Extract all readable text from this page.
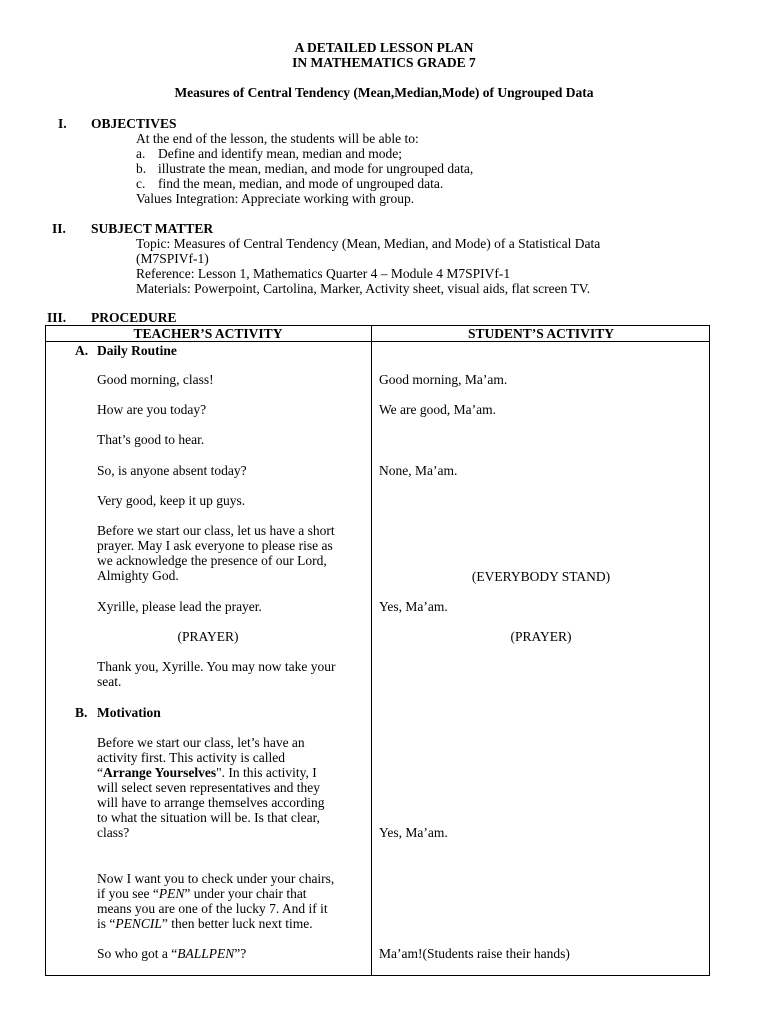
A DETAILED LESSON PLAN
IN MATHEMATICS GRADE 7
Measures of Central Tendency (Mean,Median,Mode) of Ungrouped Data
I. OBJECTIVES
At the end of the lesson, the students will be able to:
a. Define and identify mean, median and mode;
b. illustrate the mean, median, and mode for ungrouped data,
c. find the mean, median, and mode of ungrouped data.
Values Integration: Appreciate working with group.
II. SUBJECT MATTER
Topic: Measures of Central Tendency (Mean, Median, and Mode) of a Statistical Data
(M7SPIVf-1)
Reference: Lesson 1, Mathematics Quarter 4 – Module 4 M7SPIVf-1
Materials: Powerpoint, Cartolina, Marker, Activity sheet, visual aids, flat screen TV.
III. PROCEDURE
TEACHER’S ACTIVITY	STUDENT’S ACTIVITY
A. Daily Routine
Good morning, class!	Good morning, Ma’am.
How are you today?	We are good, Ma’am.
That’s good to hear.
So, is anyone absent today?	None, Ma’am.
Very good, keep it up guys.
Before we start our class, let us have a short
prayer. May I ask everyone to please rise as
we acknowledge the presence of our Lord,
Almighty God.	(EVERYBODY STAND)
Xyrille, please lead the prayer.	Yes, Ma’am.
(PRAYER)	(PRAYER)
Thank you, Xyrille. You may now take your
seat.
B. Motivation
Before we start our class, let’s have an
activity first. This activity is called
“Arrange Yourselves". In this activity, I
will select seven representatives and they
will have to arrange themselves according
to what the situation will be. Is that clear,
class?	Yes, Ma’am.
Now I want you to check under your chairs,
if you see “PEN” under your chair that
means you are one of the lucky 7. And if it
is “PENCIL” then better luck next time.
So who got a “BALLPEN”?	Ma’am!(Students raise their hands)
